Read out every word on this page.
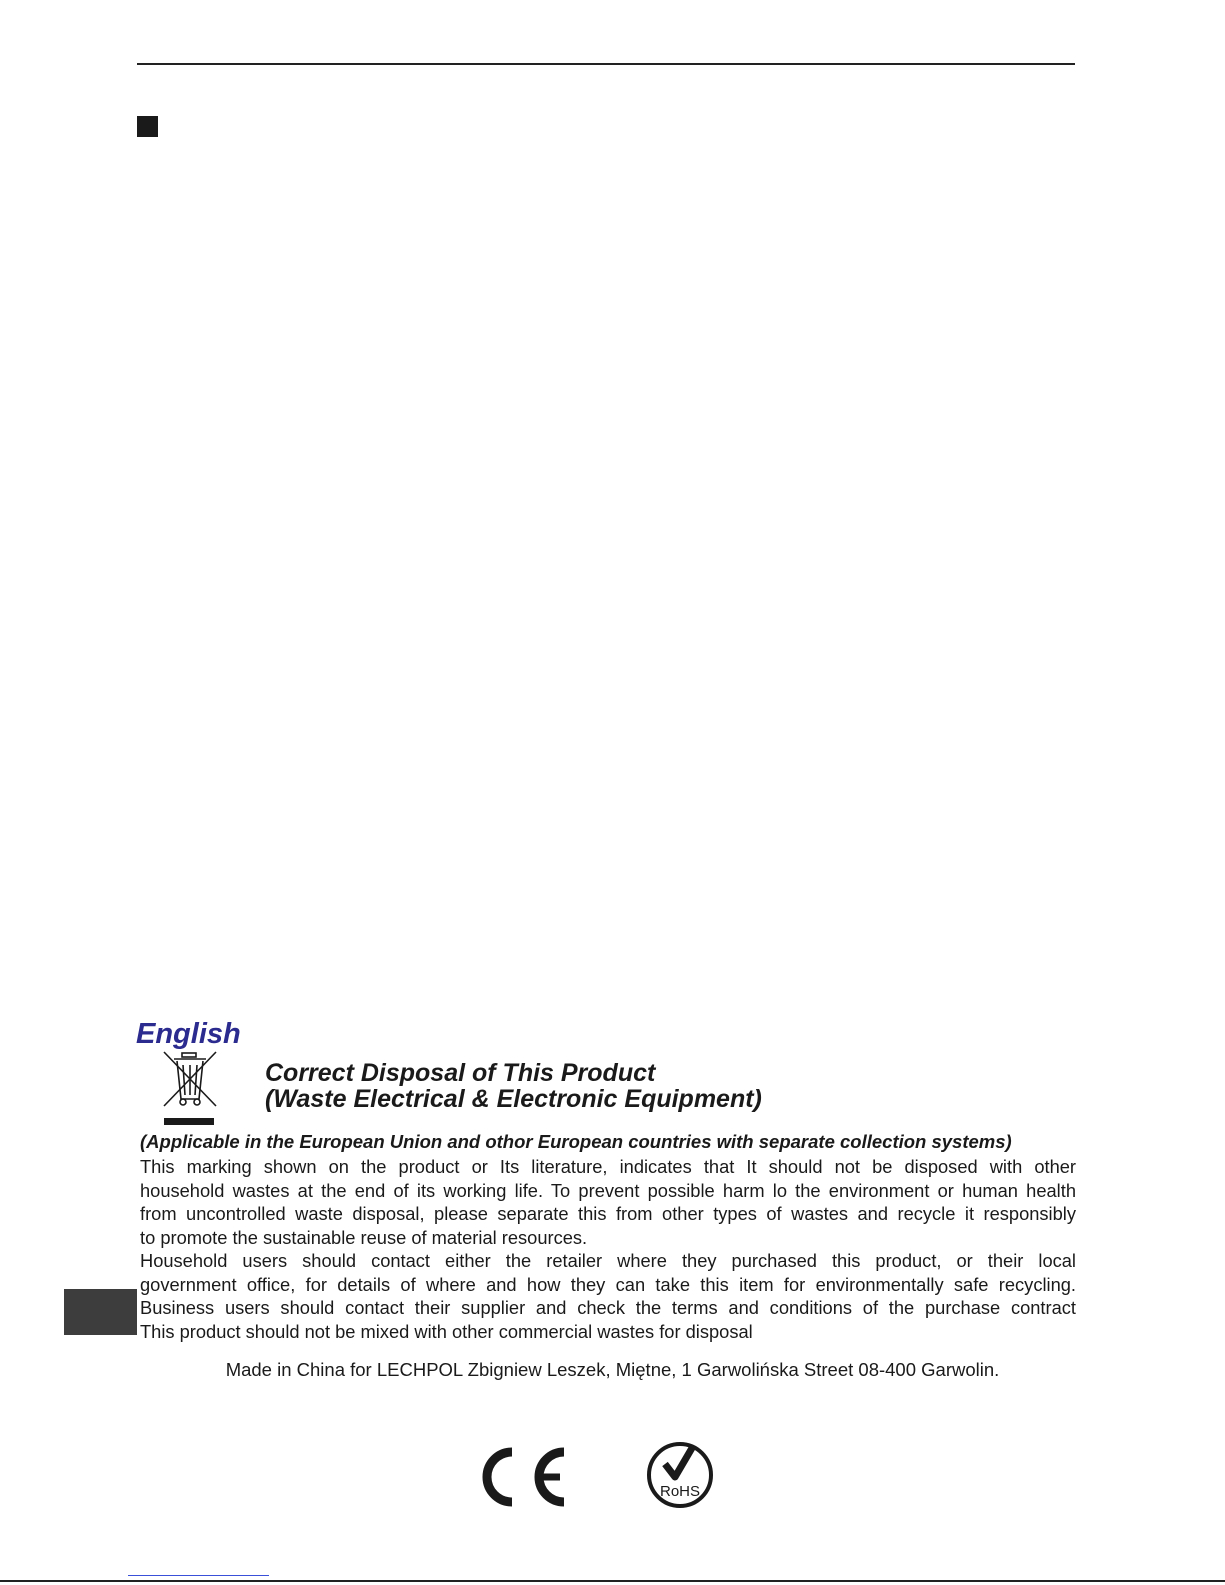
English
Correct Disposal of This Product
(Waste Electrical & Electronic Equipment)
(Applicable in the European Union and othor European countries with separate collection systems)
This marking shown on the product or Its literature, indicates that It should not be disposed with other
household wastes at the end of its working life. To prevent possible harm lo the environment or human health
from uncontrolled waste disposal, please separate this from other types of wastes and recycle it responsibly
to promote the sustainable reuse of material resources.
Household users should contact either the retailer where they purchased this product, or their local
government office, for details of where and how they can take this item for environmentally safe recycling.
Business users should contact their supplier and check the terms and conditions of the purchase contract
This product should not be mixed with other commercial wastes for disposal
Made in China for LECHPOL Zbigniew Leszek, Miętne, 1 Garwolińska Street 08-400 Garwolin.
RoHS
